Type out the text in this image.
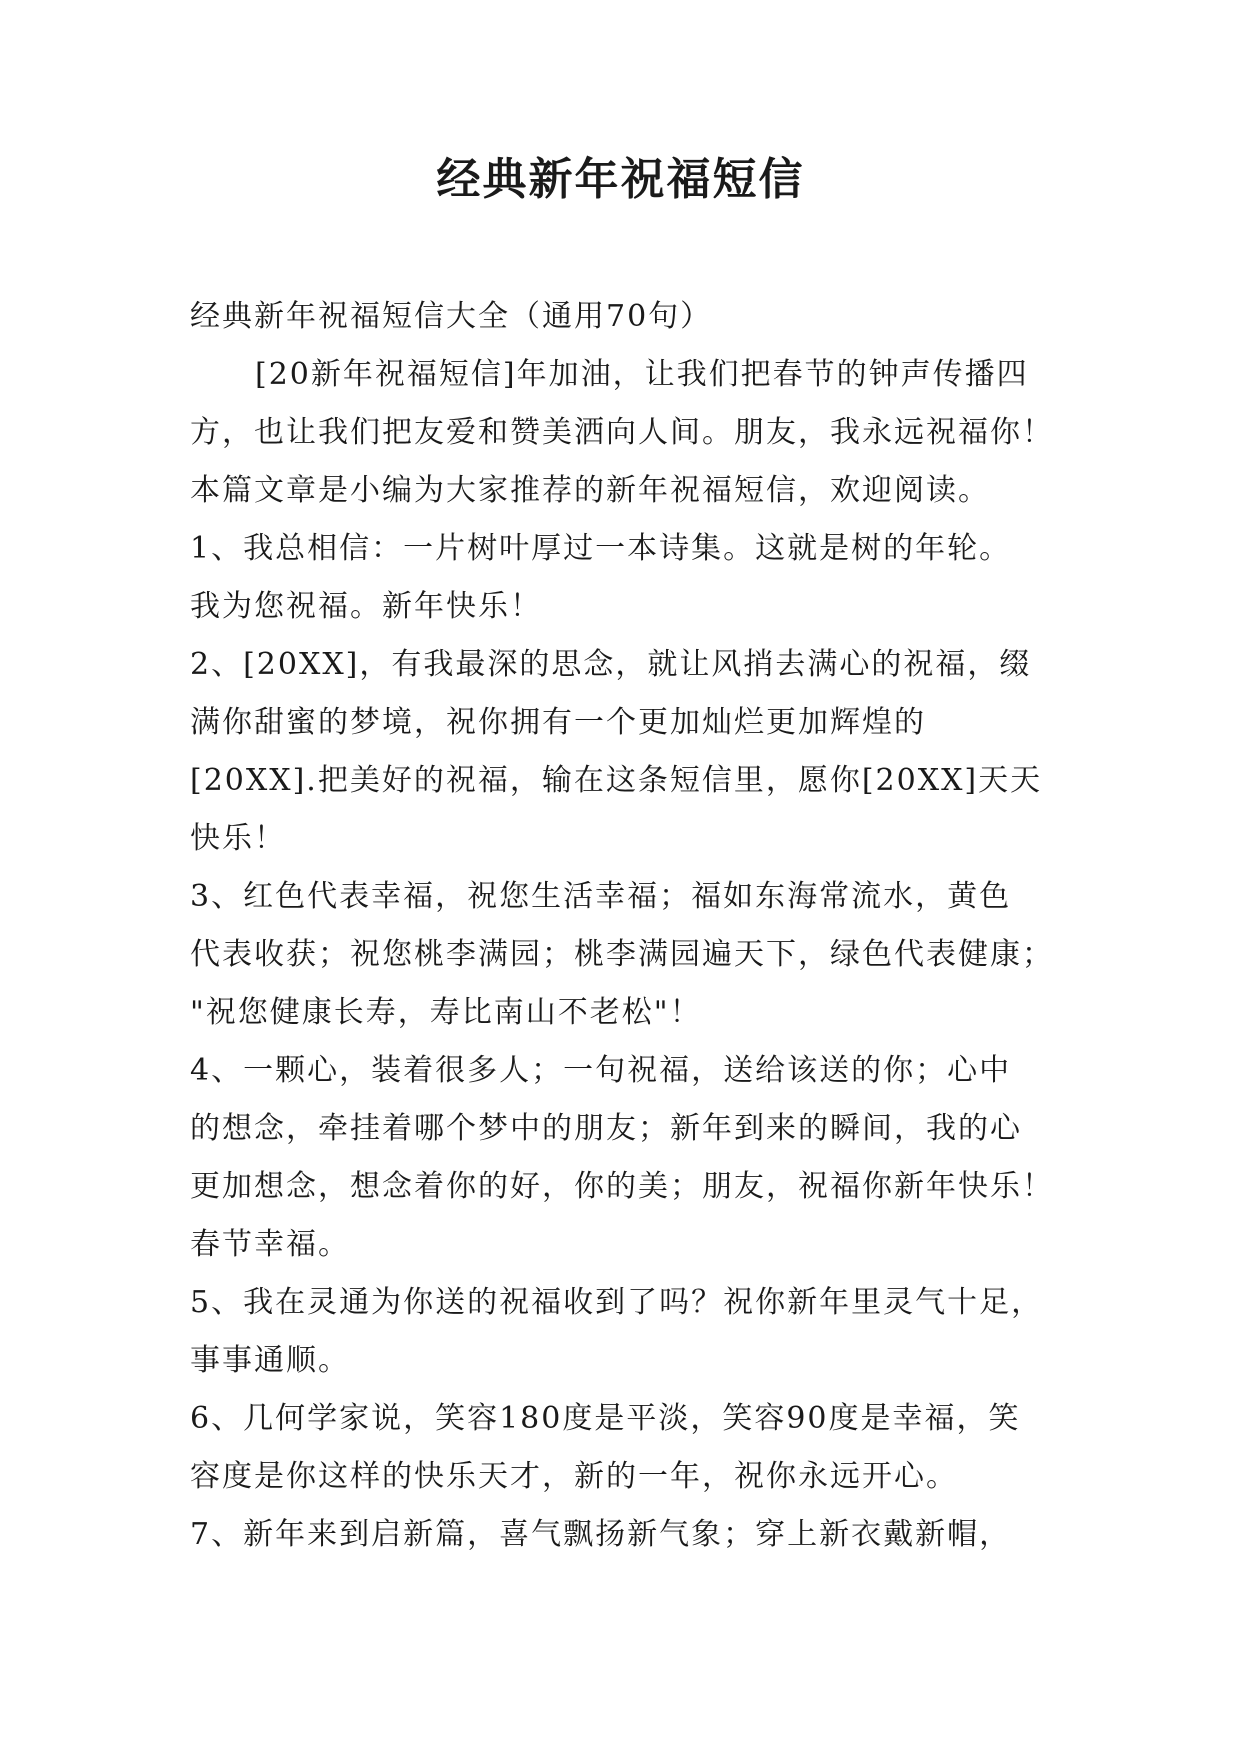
经典新年祝福短信
经典新年祝福短信大全（通用70句）
[20新年祝福短信]年加油，让我们把春节的钟声传播四
方，也让我们把友爱和赞美洒向人间。朋友，我永远祝福你！
本篇文章是小编为大家推荐的新年祝福短信，欢迎阅读。
1、我总相信：一片树叶厚过一本诗集。这就是树的年轮。
我为您祝福。新年快乐！
2、[20XX]，有我最深的思念，就让风捎去满心的祝福，缀
满你甜蜜的梦境，祝你拥有一个更加灿烂更加辉煌的
[20XX].把美好的祝福，输在这条短信里，愿你[20XX]天天
快乐！
3、红色代表幸福，祝您生活幸福；福如东海常流水，黄色
代表收获；祝您桃李满园；桃李满园遍天下，绿色代表健康；
"祝您健康长寿，寿比南山不老松"！
4、一颗心，装着很多人；一句祝福，送给该送的你；心中
的想念，牵挂着哪个梦中的朋友；新年到来的瞬间，我的心
更加想念，想念着你的好，你的美；朋友，祝福你新年快乐！
春节幸福。
5、我在灵通为你送的祝福收到了吗？祝你新年里灵气十足，
事事通顺。
6、几何学家说，笑容180度是平淡，笑容90度是幸福，笑
容度是你这样的快乐天才，新的一年，祝你永远开心。
7、新年来到启新篇，喜气飘扬新气象；穿上新衣戴新帽，
